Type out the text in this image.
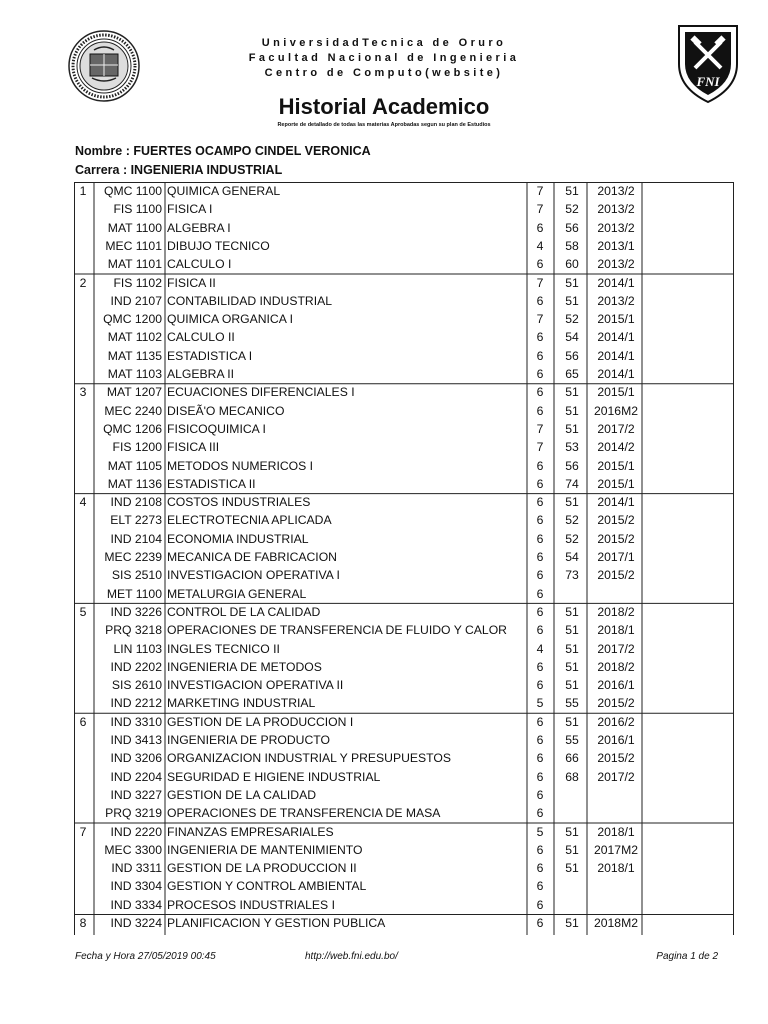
UniversidadTecnica de Oruro
Facultad Nacional de Ingenieria
Centro de Computo(website)
Historial Academico
Reporte de detallado de todas las materias Aprobadas segun su plan de Estudios
FNI
Nombre : FUERTES OCAMPO CINDEL VERONICA
Carrera : INGENIERIA INDUSTRIAL
1	QMC 1100 QUIMICA GENERAL	7	51	2013/2
FIS 1100 FISICA I	7	52	2013/2
MAT 1100 ALGEBRA I	6	56	2013/2
MEC 1101 DIBUJO TECNICO	4	58	2013/1
MAT 1101 CALCULO I	6	60	2013/2
2	FIS 1102 FISICA II	7	51	2014/1
IND 2107 CONTABILIDAD INDUSTRIAL	6	51	2013/2
QMC 1200 QUIMICA ORGANICA I	7	52	2015/1
MAT 1102 CALCULO II	6	54	2014/1
MAT 1135 ESTADISTICA I	6	56	2014/1
MAT 1103 ALGEBRA II	6	65	2014/1
3	MAT 1207 ECUACIONES DIFERENCIALES I	6	51	2015/1
MEC 2240 DISEÃ'O MECANICO	6	51	2016M2
QMC 1206 FISICOQUIMICA I	7	51	2017/2
FIS 1200 FISICA III	7	53	2014/2
MAT 1105 METODOS NUMERICOS I	6	56	2015/1
MAT 1136 ESTADISTICA II	6	74	2015/1
4	IND 2108 COSTOS INDUSTRIALES	6	51	2014/1
ELT 2273 ELECTROTECNIA APLICADA	6	52	2015/2
IND 2104 ECONOMIA INDUSTRIAL	6	52	2015/2
MEC 2239 MECANICA DE FABRICACION	6	54	2017/1
SIS 2510 INVESTIGACION OPERATIVA I	6	73	2015/2
MET 1100 METALURGIA GENERAL	6
5	IND 3226 CONTROL DE LA CALIDAD	6	51	2018/2
PRQ 3218 OPERACIONES DE TRANSFERENCIA DE FLUIDO Y CALOR	6	51	2018/1
LIN 1103 INGLES TECNICO II	4	51	2017/2
IND 2202 INGENIERIA DE METODOS	6	51	2018/2
SIS 2610 INVESTIGACION OPERATIVA II	6	51	2016/1
IND 2212 MARKETING INDUSTRIAL	5	55	2015/2
6	IND 3310 GESTION DE LA PRODUCCION I	6	51	2016/2
IND 3413 INGENIERIA DE PRODUCTO	6	55	2016/1
IND 3206 ORGANIZACION INDUSTRIAL Y PRESUPUESTOS	6	66	2015/2
IND 2204 SEGURIDAD E HIGIENE INDUSTRIAL	6	68	2017/2
IND 3227 GESTION DE LA CALIDAD	6
PRQ 3219 OPERACIONES DE TRANSFERENCIA DE MASA	6
7	IND 2220 FINANZAS EMPRESARIALES	5	51	2018/1
MEC 3300 INGENIERIA DE MANTENIMIENTO	6	51	2017M2
IND 3311 GESTION DE LA PRODUCCION II	6	51	2018/1
IND 3304 GESTION Y CONTROL AMBIENTAL	6
IND 3334 PROCESOS INDUSTRIALES I	6
8	IND 3224 PLANIFICACION Y GESTION PUBLICA	6	51	2018M2
Fecha y Hora 27/05/2019 00:45	http://web.fni.edu.bo/	Pagina 1 de 2
